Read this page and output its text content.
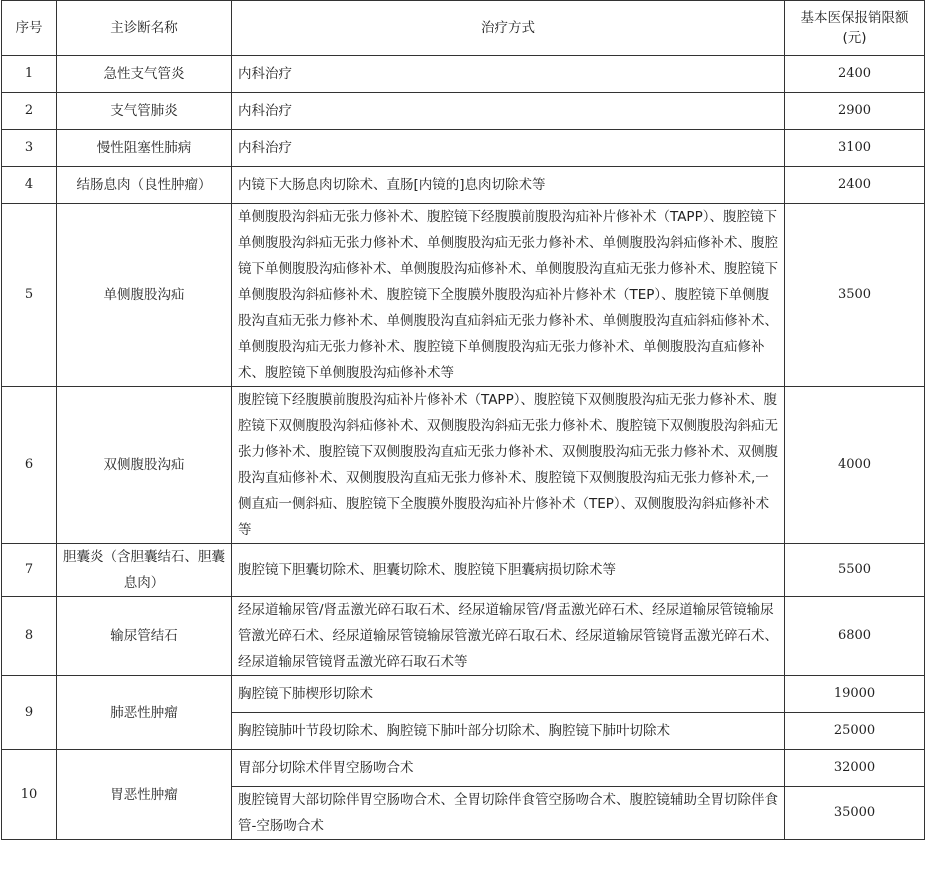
序号	主诊断名称	治疗方式	基本医保报销限额
(元)
1	急性支气管炎	内科治疗	2400
2	支气管肺炎	内科治疗	2900
3	慢性阻塞性肺病	内科治疗	3100
4	结肠息肉（良性肿瘤）	内镜下大肠息肉切除术、直肠[内镜的]息肉切除术等	2400
5	单侧腹股沟疝	单侧腹股沟斜疝无张力修补术、腹腔镜下经腹膜前腹股沟疝补片修补术（TAPP）、腹腔镜下单侧腹股沟斜疝无张力修补术、单侧腹股沟疝无张力修补术、单侧腹股沟斜疝修补术、腹腔镜下单侧腹股沟疝修补术、单侧腹股沟疝修补术、单侧腹股沟直疝无张力修补术、腹腔镜下单侧腹股沟斜疝修补术、腹腔镜下全腹膜外腹股沟疝补片修补术（TEP）、腹腔镜下单侧腹股沟直疝无张力修补术、单侧腹股沟直疝斜疝无张力修补术、单侧腹股沟直疝斜疝修补术、单侧腹股沟疝无张力修补术、腹腔镜下单侧腹股沟疝无张力修补术、单侧腹股沟直疝修补术、腹腔镜下单侧腹股沟疝修补术等	3500
6	双侧腹股沟疝	腹腔镜下经腹膜前腹股沟疝补片修补术（TAPP）、腹腔镜下双侧腹股沟疝无张力修补术、腹腔镜下双侧腹股沟斜疝修补术、双侧腹股沟斜疝无张力修补术、腹腔镜下双侧腹股沟斜疝无张力修补术、腹腔镜下双侧腹股沟直疝无张力修补术、双侧腹股沟疝无张力修补术、双侧腹股沟直疝修补术、双侧腹股沟直疝无张力修补术、腹腔镜下双侧腹股沟疝无张力修补术,一侧直疝一侧斜疝、腹腔镜下全腹膜外腹股沟疝补片修补术（TEP）、双侧腹股沟斜疝修补术等	4000
7	胆囊炎（含胆囊结石、胆囊息肉）	腹腔镜下胆囊切除术、胆囊切除术、腹腔镜下胆囊病损切除术等	5500
8	输尿管结石	经尿道输尿管/肾盂激光碎石取石术、经尿道输尿管/肾盂激光碎石术、经尿道输尿管镜输尿管激光碎石术、经尿道输尿管镜输尿管激光碎石取石术、经尿道输尿管镜肾盂激光碎石术、经尿道输尿管镜肾盂激光碎石取石术等	6800
9	肺恶性肿瘤	胸腔镜下肺楔形切除术	19000
		胸腔镜肺叶节段切除术、胸腔镜下肺叶部分切除术、胸腔镜下肺叶切除术	25000
10	胃恶性肿瘤	胃部分切除术伴胃空肠吻合术	32000
		腹腔镜胃大部切除伴胃空肠吻合术、全胃切除伴食管空肠吻合术、腹腔镜辅助全胃切除伴食管-空肠吻合术	35000
